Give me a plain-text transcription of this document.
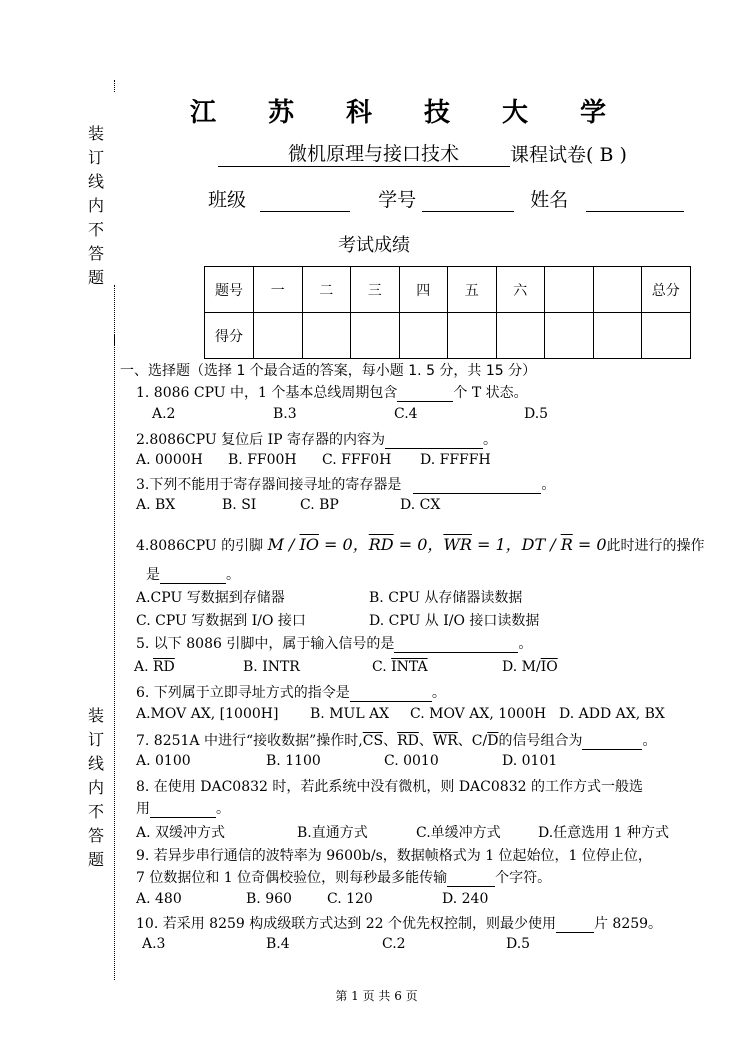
装
订
线
内
不
答
题
装
订
线
内
不
答
题
江 苏 科 技 大 学
微机原理与接口技术	课程试卷( B )
班级	学号	姓名
考试成绩
题号	一	二	三	四	五	六			总分
得分									
一、选择题（选择 1 个最合适的答案，每小题 1. 5 分，共 15 分）
1. 8086 CPU 中，1 个基本总线周期包含	个 T 状态。
A.2	B.3	C.4	D.5
2.8086CPU 复位后 IP 寄存器的内容为	。
A. 0000H B. FF00H C. FFF0H D. FFFFH
3.下列不能用于寄存器间接寻址的寄存器是	。
A. BX	B. SI	C. BP	D. CX
4.8086CPU 的引脚 $M / \overline{IO} = 0$，$\overline{RD} = 0$，$\overline{WR} = 1$，DT / $\overline{R} = 0$此时进行的操作
是	。
A.CPU 写数据到存储器	B. CPU 从存储器读数据
C. CPU 写数据到 I/O 接口	D. CPU 从 I/O 接口读数据
5. 以下 8086 引脚中，属于输入信号的是	。
A. $\overline{RD}$	B. INTR	C. INTA	D. $M/\overline{IO}$
6. 下列属于立即寻址方式的指令是	。
A.MOV AX, [1000H] B. MUL AX C. MOV AX, 1000H D. ADD AX, BX
7. 8251A 中进行“接收数据”操作时$,\overline{CS}$、$\overline{RD}$、$\overline{WR}$、$C/\overline{D}$的信号组合为	。
A. 0100	B. 1100	C. 0010	D. 0101
8. 在使用 DAC0832 时，若此系统中没有微机，则 DAC0832 的工作方式一般选
用	。
A. 双缓冲方式	B.直通方式	C.单缓冲方式	D.任意选用 1 种方式
9. 若异步串行通信的波特率为 9600b/s，数据帧格式为 1 位起始位，1 位停止位，
7 位数据位和 1 位奇偶校验位，则每秒最多能传输	个字符。
A. 480	B. 960	C. 120	D. 240
10. 若采用 8259 构成级联方式达到 22 个优先权控制，则最少使用	片 8259。
A.3	B.4	C.2	D.5
第 1 页 共 6 页
